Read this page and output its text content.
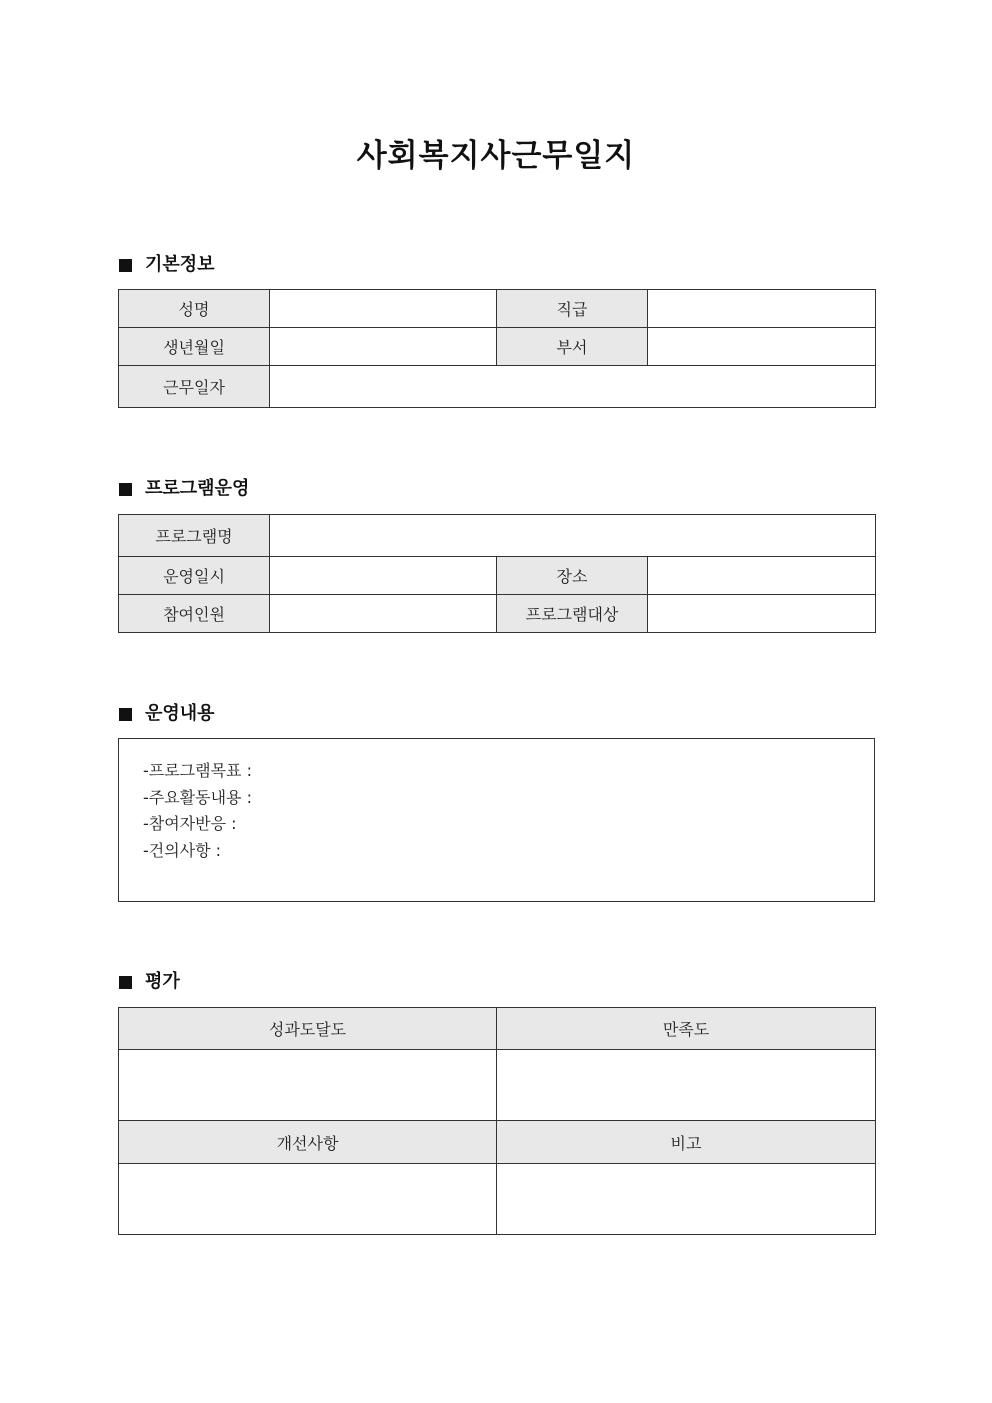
사회복지사근무일지
기본정보
성명		직급	
생년월일		부서	
근무일자			
프로그램운영
프로그램명			
운영일시		장소	
참여인원		프로그램대상	
운영내용
-프로그램목표 :
-주요활동내용 :
-참여자반응 :
-건의사항 :
평가
성과도달도	만족도

개선사항	비고
